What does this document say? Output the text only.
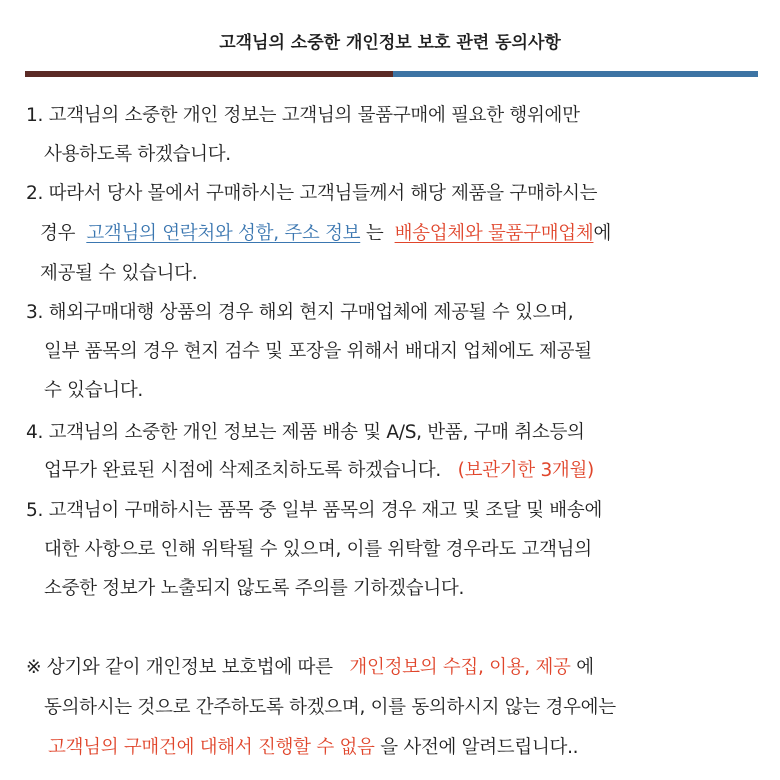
고객님의 소중한 개인정보 보호 관련 동의사항
1. 고객님의 소중한 개인 정보는 고객님의 물품구매에 필요한 행위에만
사용하도록 하겠습니다.
2. 따라서 당사 몰에서 구매하시는 고객님들께서 해당 제품을 구매하시는
경우 고객님의 연락처와 성함, 주소 정보 는 배송업체와 물품구매업체에
제공될 수 있습니다.
3. 해외구매대행 상품의 경우 해외 현지 구매업체에 제공될 수 있으며,
일부 품목의 경우 현지 검수 및 포장을 위해서 배대지 업체에도 제공될
수 있습니다.
4. 고객님의 소중한 개인 정보는 제품 배송 및 A/S, 반품, 구매 취소등의
업무가 완료된 시점에 삭제조치하도록 하겠습니다. (보관기한 3개월)
5. 고객님이 구매하시는 품목 중 일부 품목의 경우 재고 및 조달 및 배송에
대한 사항으로 인해 위탁될 수 있으며, 이를 위탁할 경우라도 고객님의
소중한 정보가 노출되지 않도록 주의를 기하겠습니다.
※ 상기와 같이 개인정보 보호법에 따른 개인정보의 수집, 이용, 제공 에
동의하시는 것으로 간주하도록 하겠으며, 이를 동의하시지 않는 경우에는
고객님의 구매건에 대해서 진행할 수 없음 을 사전에 알려드립니다..
